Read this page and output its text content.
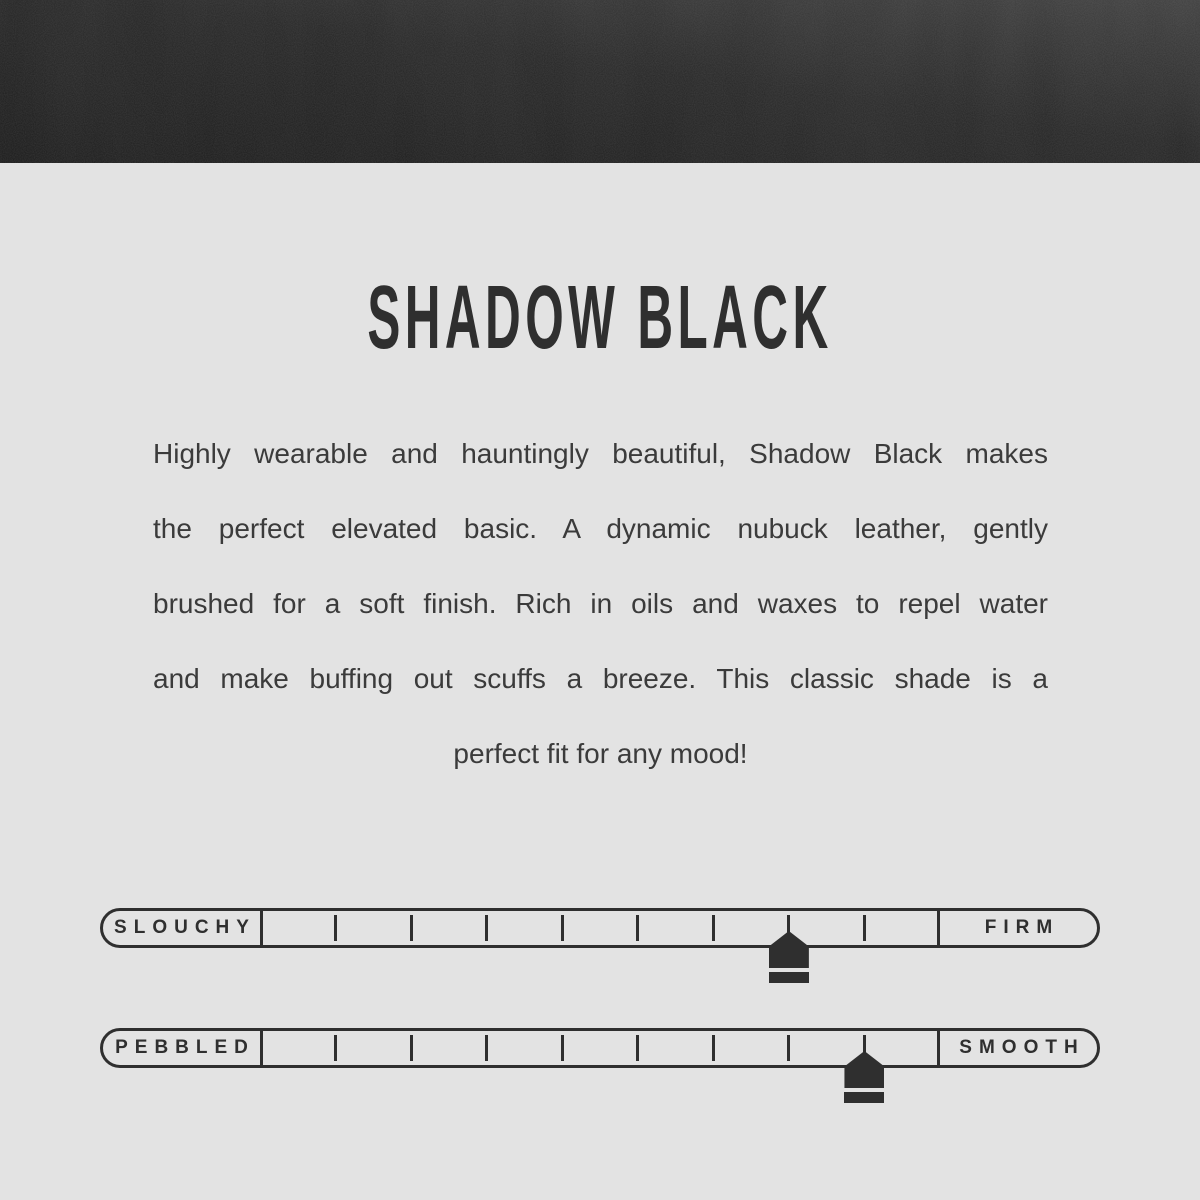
SHADOW BLACK
Highly wearable and hauntingly beautiful, Shadow Black makes
the perfect elevated basic. A dynamic nubuck leather, gently
brushed for a soft finish. Rich in oils and waxes to repel water
and make buffing out scuffs a breeze. This classic shade is a
perfect fit for any mood!
SLOUCHY	FIRM
PEBBLED	SMOOTH
